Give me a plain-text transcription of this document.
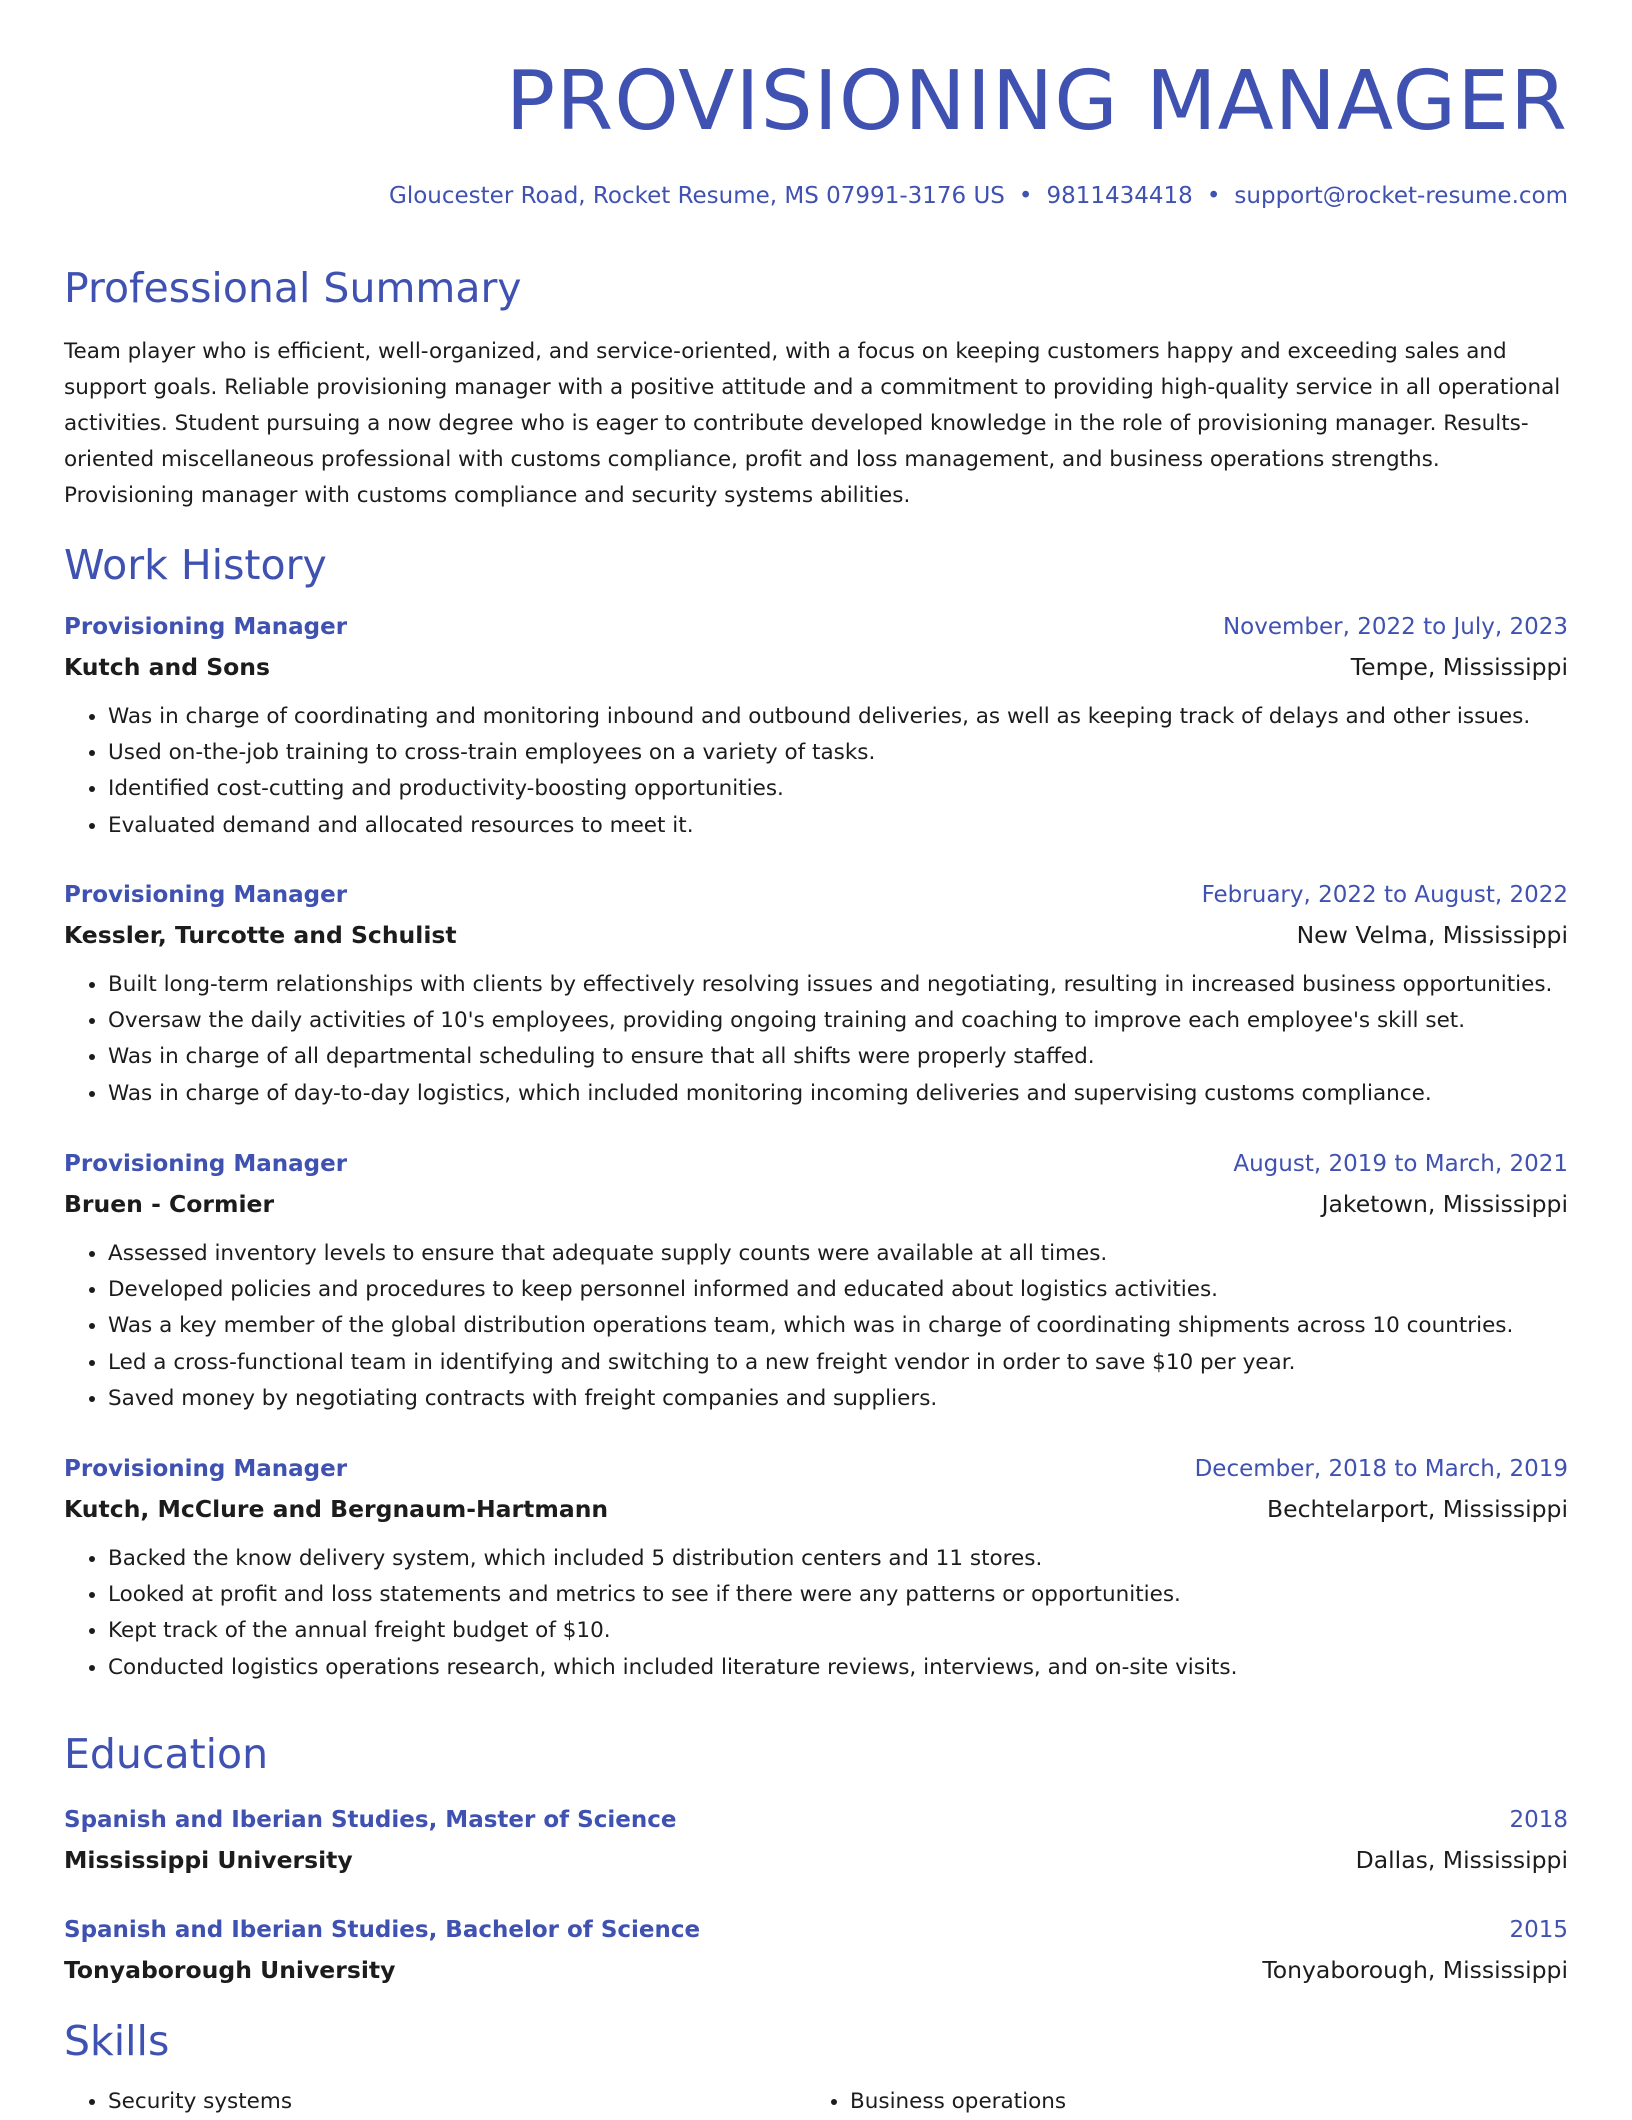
PROVISIONING MANAGER
Gloucester Road, Rocket Resume, MS 07991-3176 US • 9811434418 • support@rocket-resume.com
Professional Summary

Team player who is efficient, well-organized, and service-oriented, with a focus on keeping customers happy and exceeding sales and support goals. Reliable provisioning manager with a positive attitude and a commitment to providing high-quality service in all operational activities. Student pursuing a now degree who is eager to contribute developed knowledge in the role of provisioning manager. Results-oriented miscellaneous professional with customs compliance, profit and loss management, and business operations strengths. Provisioning manager with customs compliance and security systems abilities.

Work History
Provisioning Manager	November, 2022 to July, 2023
Kutch and Sons	Tempe, Mississippi
• Was in charge of coordinating and monitoring inbound and outbound deliveries, as well as keeping track of delays and other issues.
• Used on-the-job training to cross-train employees on a variety of tasks.
• Identified cost-cutting and productivity-boosting opportunities.
• Evaluated demand and allocated resources to meet it.
Provisioning Manager	February, 2022 to August, 2022
Kessler, Turcotte and Schulist	New Velma, Mississippi
• Built long-term relationships with clients by effectively resolving issues and negotiating, resulting in increased business opportunities.
• Oversaw the daily activities of 10's employees, providing ongoing training and coaching to improve each employee's skill set.
• Was in charge of all departmental scheduling to ensure that all shifts were properly staffed.
• Was in charge of day-to-day logistics, which included monitoring incoming deliveries and supervising customs compliance.
Provisioning Manager	August, 2019 to March, 2021
Bruen - Cormier	Jaketown, Mississippi
• Assessed inventory levels to ensure that adequate supply counts were available at all times.
• Developed policies and procedures to keep personnel informed and educated about logistics activities.
• Was a key member of the global distribution operations team, which was in charge of coordinating shipments across 10 countries.
• Led a cross-functional team in identifying and switching to a new freight vendor in order to save $10 per year.
• Saved money by negotiating contracts with freight companies and suppliers.
Provisioning Manager	December, 2018 to March, 2019
Kutch, McClure and Bergnaum-Hartmann	Bechtelarport, Mississippi
• Backed the know delivery system, which included 5 distribution centers and 11 stores.
• Looked at profit and loss statements and metrics to see if there were any patterns or opportunities.
• Kept track of the annual freight budget of $10.
• Conducted logistics operations research, which included literature reviews, interviews, and on-site visits.
Education
Spanish and Iberian Studies, Master of Science	2018
Mississippi University	Dallas, Mississippi
Spanish and Iberian Studies, Bachelor of Science	2015
Tonyaborough University	Tonyaborough, Mississippi
Skills
• Security systems
•	Business operations
